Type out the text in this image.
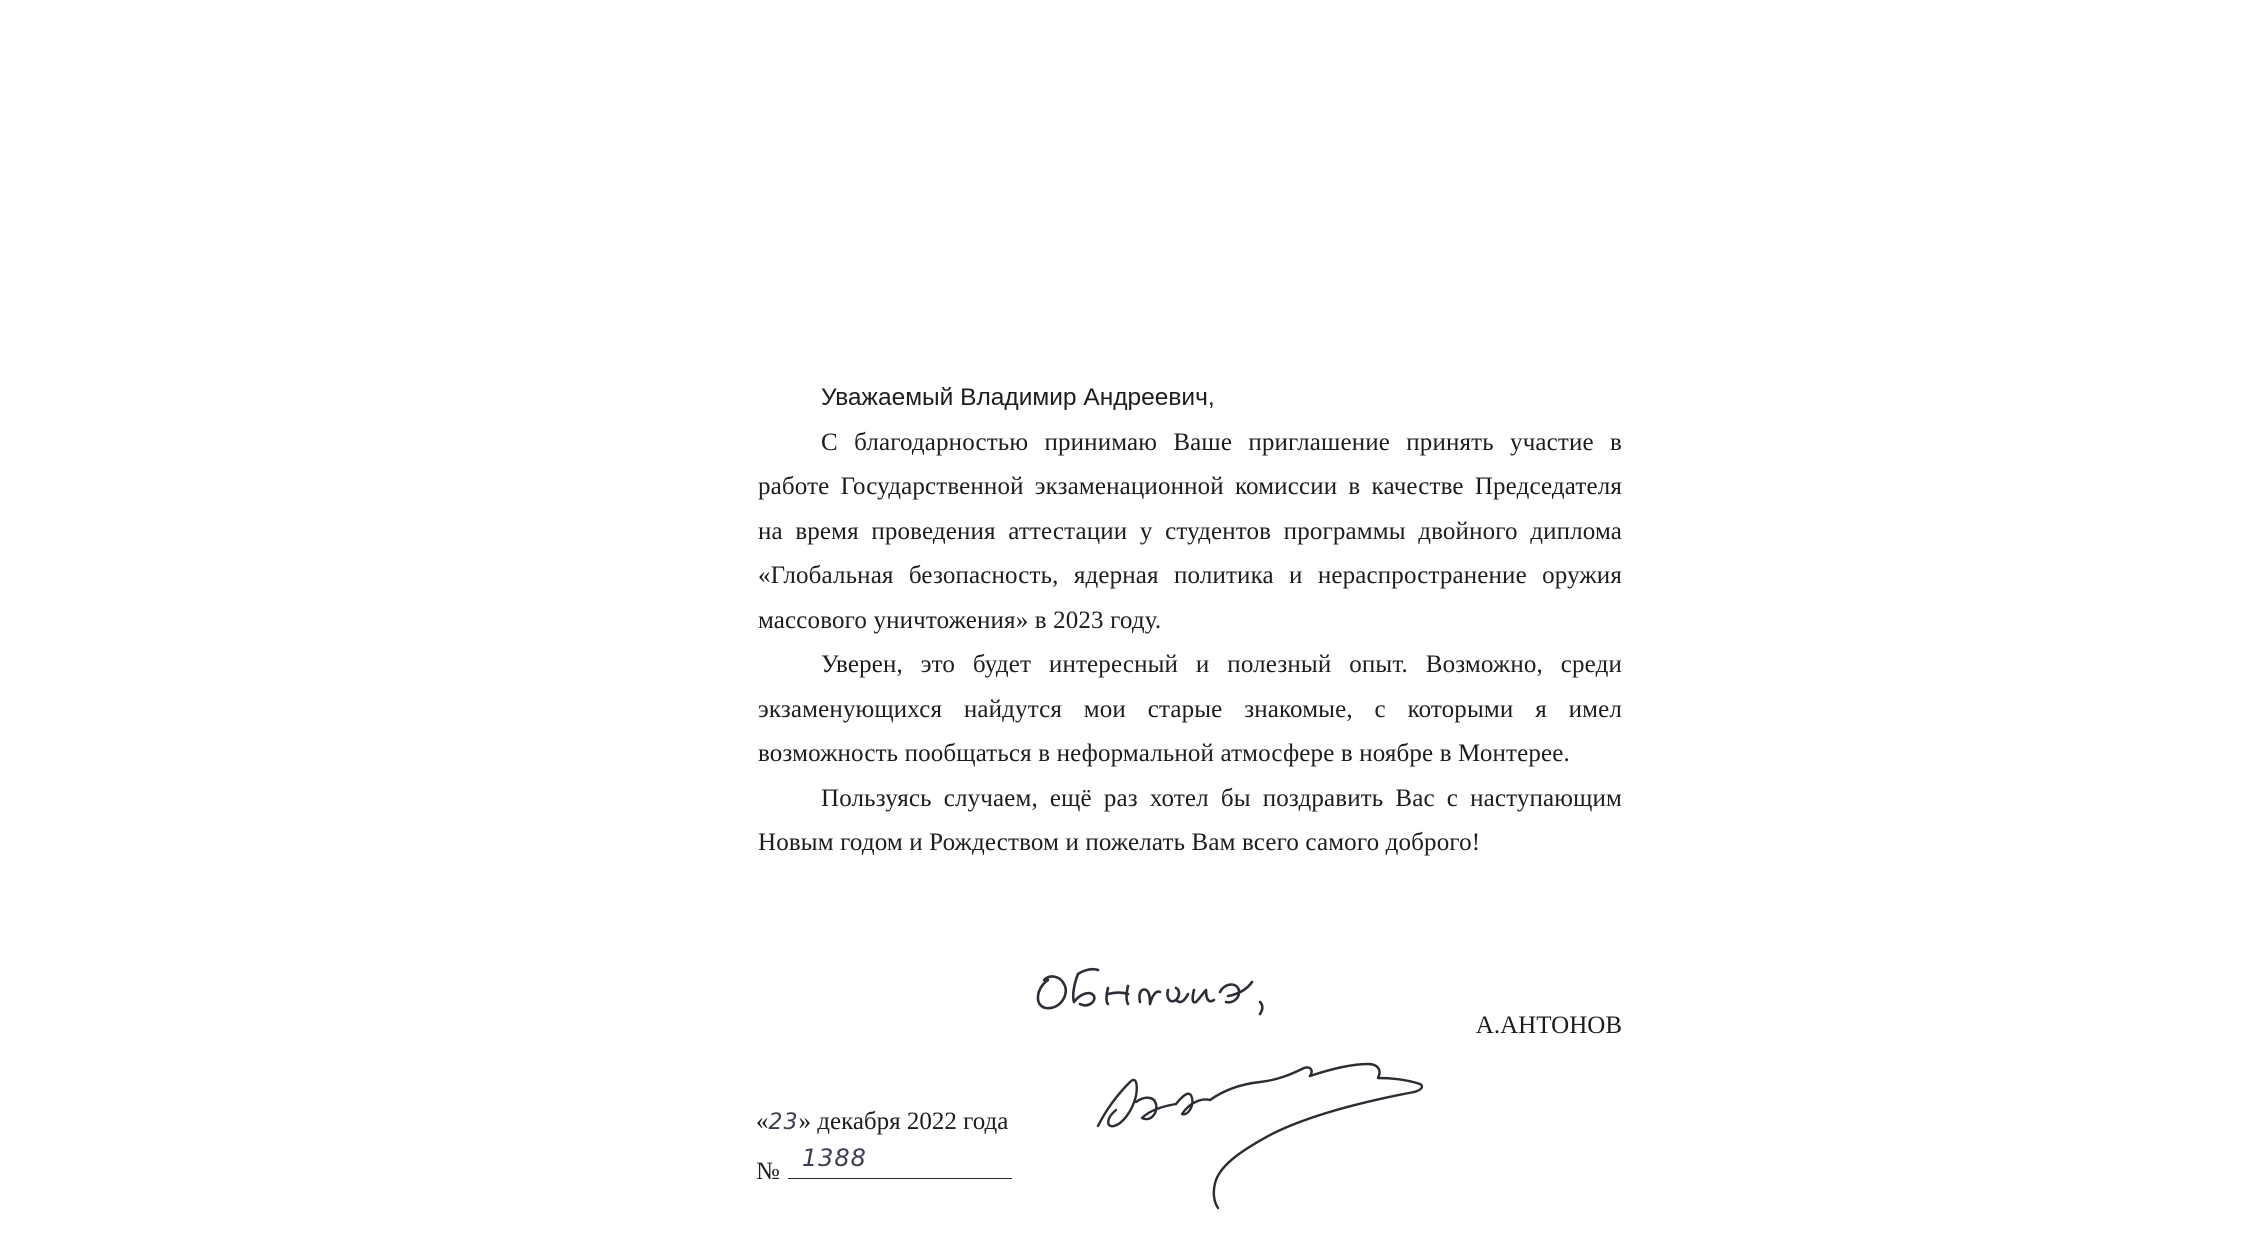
Уважаемый Владимир Андреевич,

С благодарностью принимаю Ваше приглашение принять участие в работе Государственной экзаменационной комиссии в качестве Председателя на время проведения аттестации у студентов программы двойного диплома «Глобальная безопасность, ядерная политика и нераспространение оружия массового уничтожения» в 2023 году.

Уверен, это будет интересный и полезный опыт. Возможно, среди экзаменующихся найдутся мои старые знакомые, с которыми я имел возможность пообщаться в неформальной атмосфере в ноябре в Монтерее.

Пользуясь случаем, ещё раз хотел бы поздравить Вас с наступающим Новым годом и Рождеством и пожелать Вам всего самого доброго!

А.АНТОНОВ
«23» декабря 2022 года
№ 1388
